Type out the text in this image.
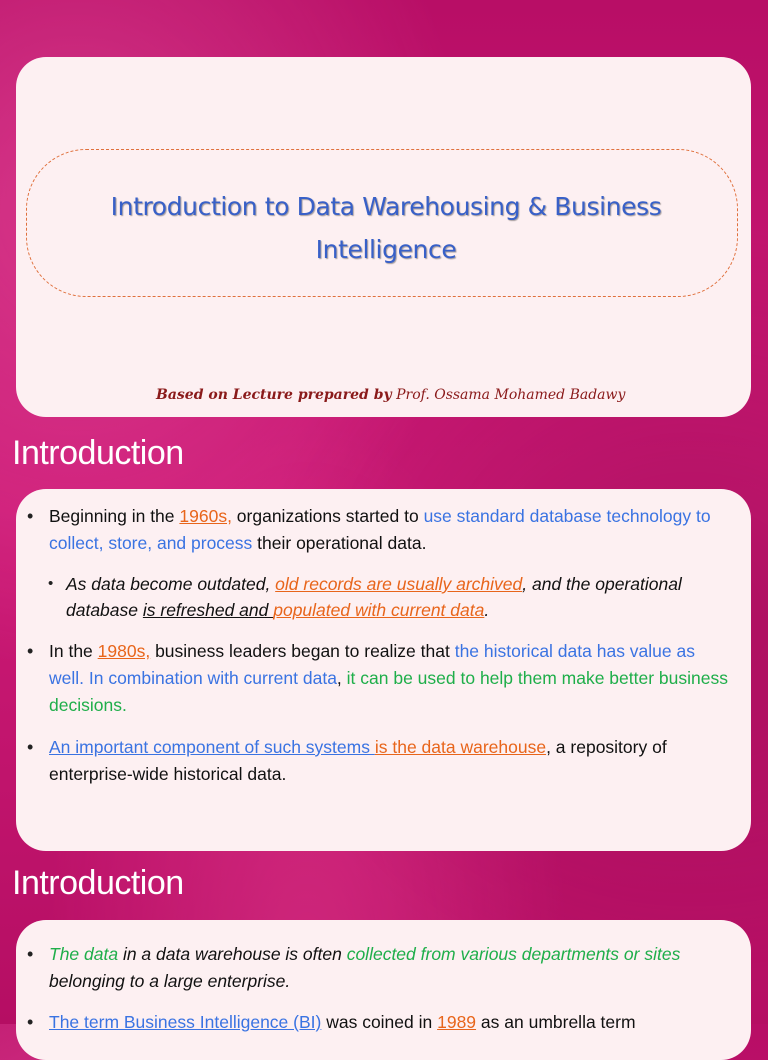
Introduction to Data Warehousing & Business Intelligence
Based on Lecture prepared by Prof. Ossama Mohamed Badawy
Introduction
• Beginning in the 1960s, organizations started to use standard database technology to collect, store, and process their operational data.
• As data become outdated, old records are usually archived, and the operational database is refreshed and populated with current data.
• In the 1980s, business leaders began to realize that the historical data has value as well. In combination with current data, it can be used to help them make better business decisions.
• An important component of such systems is the data warehouse, a repository of enterprise-wide historical data.
Introduction
• The data in a data warehouse is often collected from various departments or sites belonging to a large enterprise.
• The term Business Intelligence (BI) was coined in 1989 as an umbrella term
